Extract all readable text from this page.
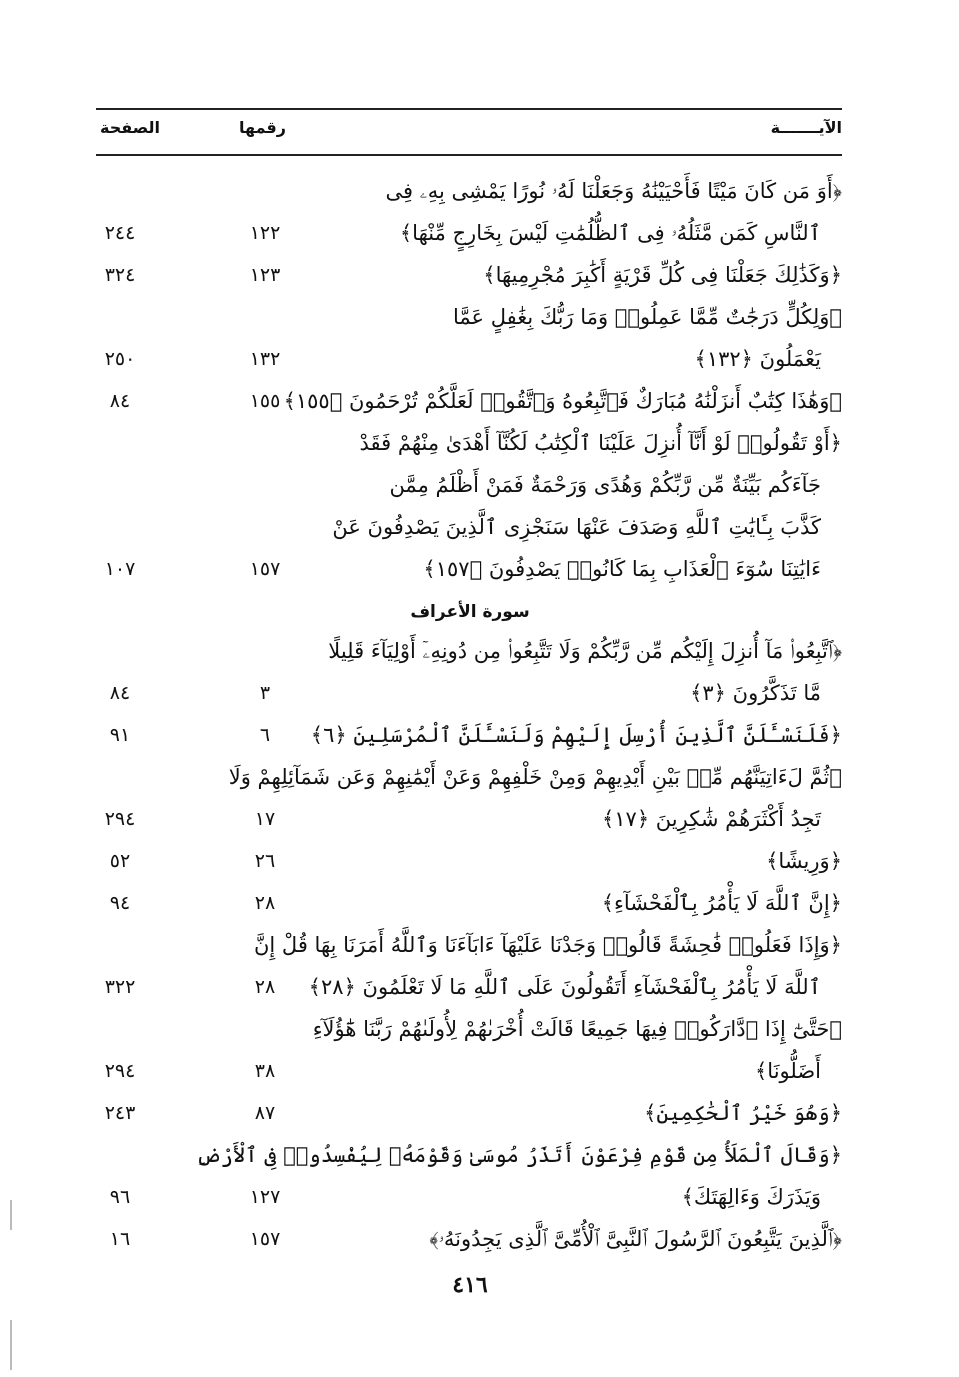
الآيـــــــة
رقمها
الصفحة
﴿أَوَ مَن كَانَ مَيْتًا فَأَحْيَيْنَٰهُ وَجَعَلْنَا لَهُۥ نُورًا يَمْشِى بِهِۦ فِى
ٱلنَّاسِ كَمَن مَّثَلُهُۥ فِى ٱلظُّلُمَٰتِ لَيْسَ بِخَارِجٍ مِّنْهَا﴾
١٢٢
٢٤٤
﴿وَكَذَٰلِكَ جَعَلْنَا فِى كُلِّ قَرْيَةٍ أَكَٰبِرَ مُجْرِمِيهَا﴾
١٢٣
٣٢٤
﴿وَلِكُلٍّ دَرَجَٰتٌ مِّمَّا عَمِلُوا۟ وَمَا رَبُّكَ بِغَٰفِلٍ عَمَّا
يَعْمَلُونَ ﴿١٣٢﴾
١٣٢
٢٥٠
﴿وَهَٰذَا كِتَٰبٌ أَنزَلْنَٰهُ مُبَارَكٌ فَٱتَّبِعُوهُ وَٱتَّقُوا۟ لَعَلَّكُمْ تُرْحَمُونَ ﴿١٥٥﴾
١٥٥
٨٤
﴿أَوْ تَقُولُوا۟ لَوْ أَنَّآ أُنزِلَ عَلَيْنَا ٱلْكِتَٰبُ لَكُنَّآ أَهْدَىٰ مِنْهُمْ فَقَدْ
جَآءَكُم بَيِّنَةٌ مِّن رَّبِّكُمْ وَهُدًى وَرَحْمَةٌ فَمَنْ أَظْلَمُ مِمَّن
كَذَّبَ بِـَٔايَٰتِ ٱللَّهِ وَصَدَفَ عَنْهَا سَنَجْزِى ٱلَّذِينَ يَصْدِفُونَ عَنْ
ءَايَٰتِنَا سُوٓءَ ٱلْعَذَابِ بِمَا كَانُوا۟ يَصْدِفُونَ ﴿١٥٧﴾
١٥٧
١٠٧
سورة الأعراف
﴿ٱتَّبِعُوا۟ مَآ أُنزِلَ إِلَيْكُم مِّن رَّبِّكُمْ وَلَا تَتَّبِعُوا۟ مِن دُونِهِۦٓ أَوْلِيَآءَ قَلِيلًا
مَّا تَذَكَّرُونَ ﴿٣﴾
٣
٨٤
﴿فَلَنَسْـَٔلَنَّ ٱلَّذِينَ أُرْسِلَ إِلَيْهِمْ وَلَنَسْـَٔلَنَّ ٱلْمُرْسَلِينَ ﴿٦﴾
٦
٩١
﴿ثُمَّ لَءَاتِيَنَّهُم مِّنۢ بَيْنِ أَيْدِيهِمْ وَمِنْ خَلْفِهِمْ وَعَنْ أَيْمَٰنِهِمْ وَعَن شَمَآئِلِهِمْ وَلَا
تَجِدُ أَكْثَرَهُمْ شَٰكِرِينَ ﴿١٧﴾
١٧
٢٩٤
﴿وَرِيشًا﴾
٢٦
٥٢
﴿إِنَّ ٱللَّهَ لَا يَأْمُرُ بِٱلْفَحْشَآءِ﴾
٢٨
٩٤
﴿وَإِذَا فَعَلُوا۟ فَٰحِشَةً قَالُوا۟ وَجَدْنَا عَلَيْهَآ ءَابَآءَنَا وَٱللَّهُ أَمَرَنَا بِهَا قُلْ إِنَّ
ٱللَّهَ لَا يَأْمُرُ بِٱلْفَحْشَآءِ أَتَقُولُونَ عَلَى ٱللَّهِ مَا لَا تَعْلَمُونَ ﴿٢٨﴾
٢٨
٣٢٢
﴿حَتَّىٰٓ إِذَا ٱدَّارَكُوا۟ فِيهَا جَمِيعًا قَالَتْ أُخْرَىٰهُمْ لِأُولَىٰهُمْ رَبَّنَا هَٰٓؤُلَآءِ
أَضَلُّونَا﴾
٣٨
٢٩٤
﴿وَهُوَ خَيْرُ ٱلْحَٰكِمِينَ﴾
٨٧
٢٤٣
﴿وَقَالَ ٱلْمَلَأُ مِن قَوْمِ فِرْعَوْنَ أَتَذَرُ مُوسَىٰ وَقَوْمَهُۥ لِيُفْسِدُوا۟ فِى ٱلْأَرْضِ
وَيَذَرَكَ وَءَالِهَتَكَ﴾
١٢٧
٩٦
﴿ٱلَّذِينَ يَتَّبِعُونَ ٱلرَّسُولَ ٱلنَّبِىَّ ٱلْأُمِّىَّ ٱلَّذِى يَجِدُونَهُۥ﴾
١٥٧
١٦
٤١٦
